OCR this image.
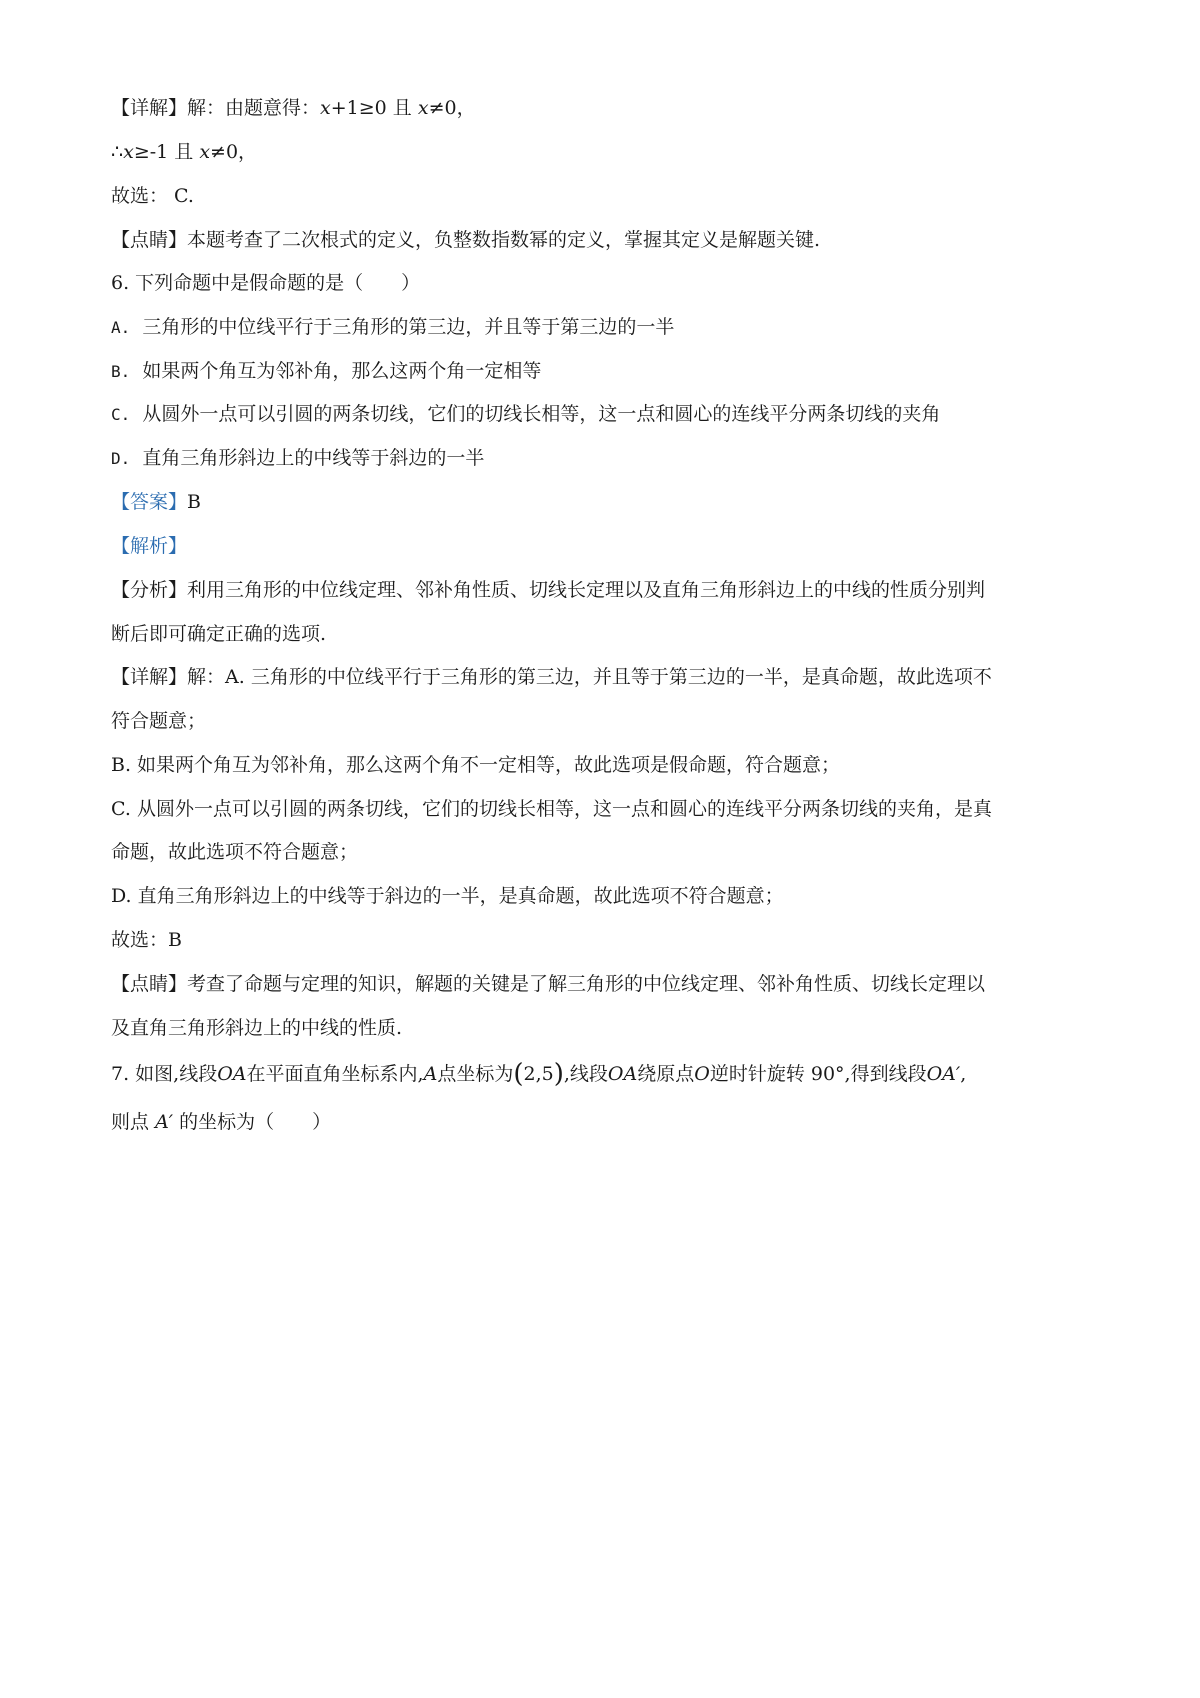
【详解】解：由题意得：x+1≥0 且 x≠0，
∴x≥-1 且 x≠0，
故选： C.
【点睛】本题考查了二次根式的定义，负整数指数幂的定义，掌握其定义是解题关键.
6. 下列命题中是假命题的是（　　）
A. 三角形的中位线平行于三角形的第三边，并且等于第三边的一半
B. 如果两个角互为邻补角，那么这两个角一定相等
C. 从圆外一点可以引圆的两条切线，它们的切线长相等，这一点和圆心的连线平分两条切线的夹角
D. 直角三角形斜边上的中线等于斜边的一半
【答案】B
【解析】
【分析】利用三角形的中位线定理、邻补角性质、切线长定理以及直角三角形斜边上的中线的性质分别判
断后即可确定正确的选项.
【详解】解：A. 三角形的中位线平行于三角形的第三边，并且等于第三边的一半，是真命题，故此选项不
符合题意；
B. 如果两个角互为邻补角，那么这两个角不一定相等，故此选项是假命题，符合题意；
C. 从圆外一点可以引圆的两条切线，它们的切线长相等，这一点和圆心的连线平分两条切线的夹角，是真
命题，故此选项不符合题意；
D. 直角三角形斜边上的中线等于斜边的一半，是真命题，故此选项不符合题意；
故选：B
【点睛】考查了命题与定理的知识，解题的关键是了解三角形的中位线定理、邻补角性质、切线长定理以
及直角三角形斜边上的中线的性质.
7. 如图,线段OA在平面直角坐标系内,A点坐标为(2,5),线段OA绕原点O逆时针旋转 90°,得到线段OA′,
则点 A′ 的坐标为（　　）
